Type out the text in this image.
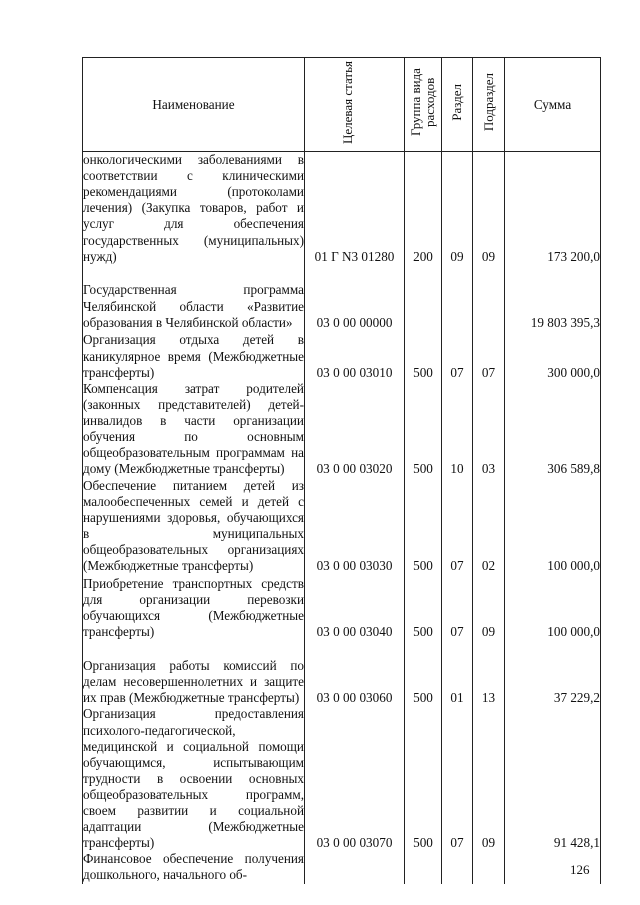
Наименование	Целевая статья	Группа вида расходов	Раздел	Подраздел	Сумма
онкологическими заболеваниями в соответствии с клиническими рекомендациями (протоколами лечения) (Закупка товаров, работ и услуг для обеспечения государственных (муниципальных) нужд)	01 Г N3 01280	200	09	09	173 200,0
Государственная программа Челябинской области «Развитие образования в Челябинской области»	03 0 00 00000				19 803 395,3
Организация отдыха детей в каникулярное время (Межбюджетные трансферты)	03 0 00 03010	500	07	07	300 000,0
Компенсация затрат родителей (законных представителей) детей-инвалидов в части организации обучения по основным общеобразовательным программам на дому (Межбюджетные трансферты)	03 0 00 03020	500	10	03	306 589,8
Обеспечение питанием детей из малообеспеченных семей и детей с нарушениями здоровья, обучающихся в муниципальных общеобразовательных организациях (Межбюджетные трансферты)	03 0 00 03030	500	07	02	100 000,0
Приобретение транспортных средств для организации перевозки обучающихся (Межбюджетные трансферты)	03 0 00 03040	500	07	09	100 000,0
Организация работы комиссий по делам несовершеннолетних и защите их прав (Межбюджетные трансферты)	03 0 00 03060	500	01	13	37 229,2
Организация предоставления психолого-педагогической, медицинской и социальной помощи обучающимся, испытывающим трудности в освоении основных общеобразовательных программ, своем развитии и социальной адаптации (Межбюджетные трансферты)	03 0 00 03070	500	07	09	91 428,1
Финансовое обеспечение получения дошкольного, начального об-						126
